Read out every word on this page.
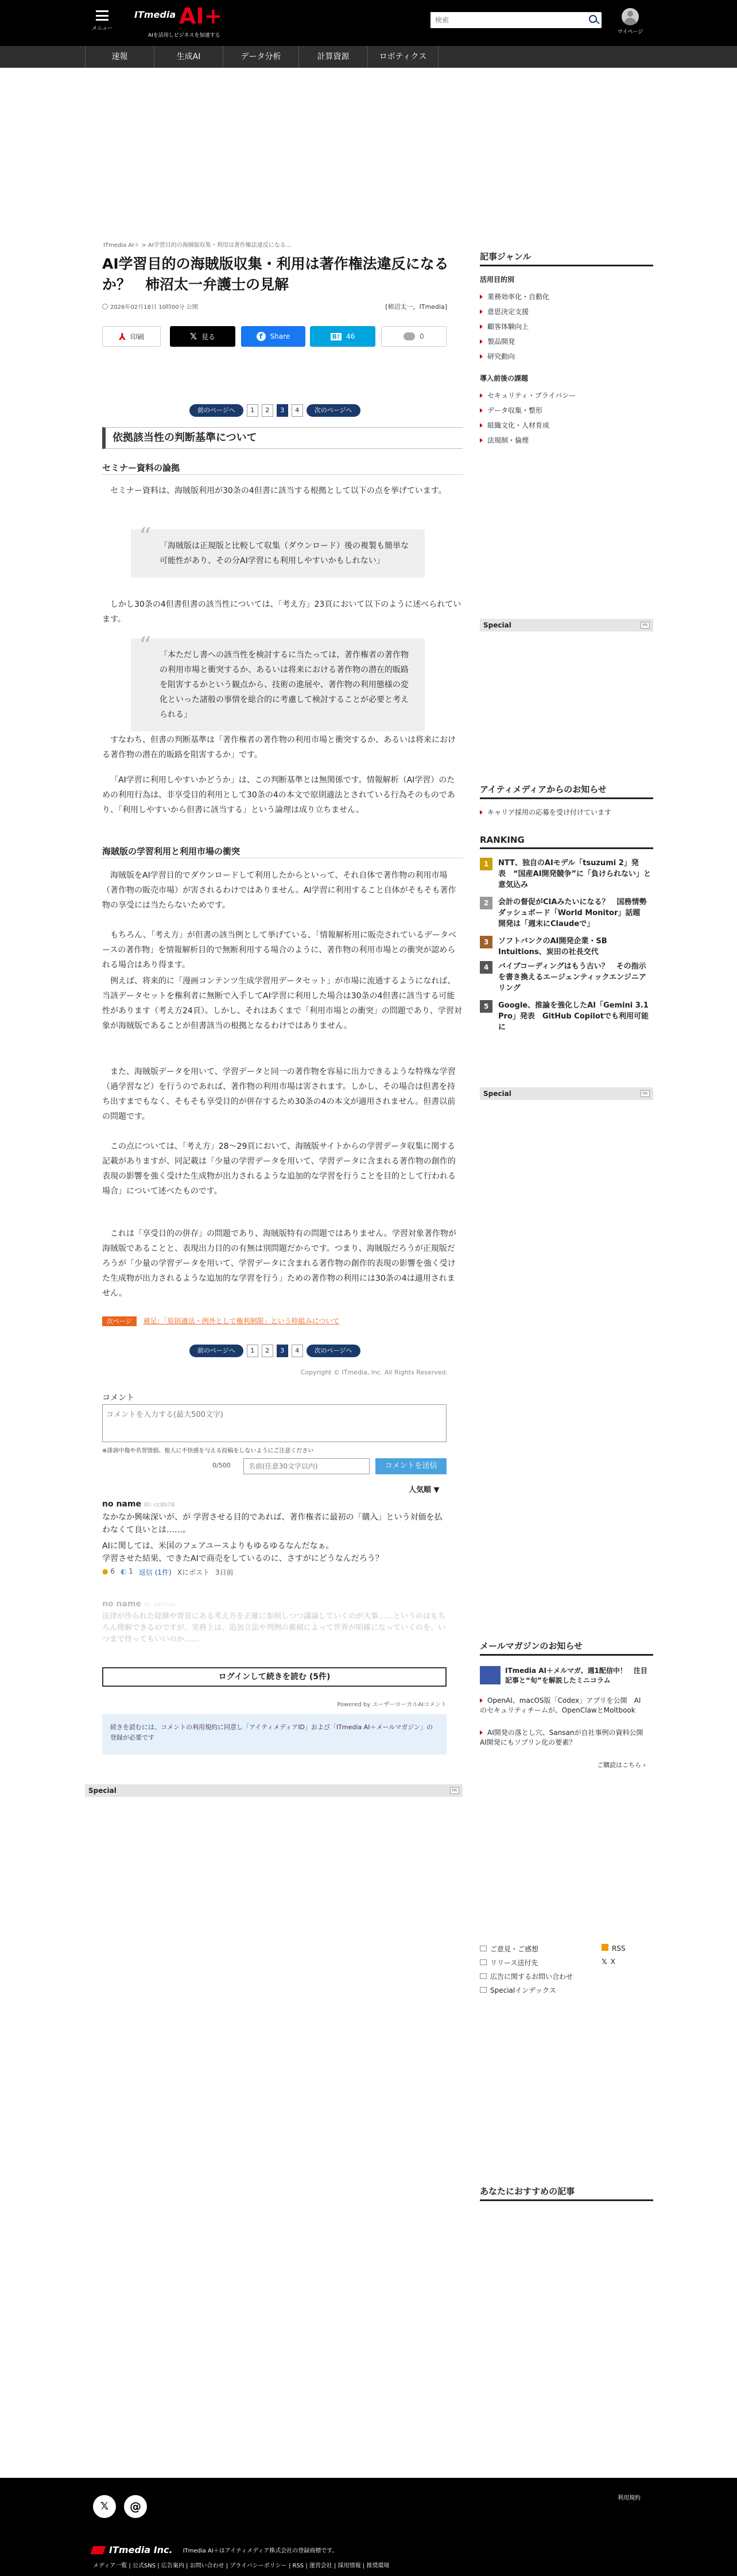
メニュー
ITmedia AI+
AIを活用しビジネスを加速する
検索
マイページ
速報	生成AI	データ分析	計算資源	ロボティクス
ITmedia AI＋ > AI学習目的の海賊版収集・利用は著作権法違反になる…
AI学習目的の海賊版収集・利用は著作権法違反になる
か？　柿沼太一弁護士の見解
2026年02月18日 10時00分 公開	[柿沼太一，ITmedia]
⅄ 印刷	𝕏 見る	f	Share	B! 46	0
前のページへ	1	2	3	4	次のページへ
依拠該当性の判断基準について
セミナー資料の論拠

セミナー資料は、海賊版利用が30条の4但書に該当する根拠として以下の点を挙げています。

“ 「海賊版は正規版と比較して収集（ダウンロード）後の複製も簡単な可能性があり、その分AI学習にも利用しやすいかもしれない」

しかし30条の4但書但書の該当性については、「考え方」23頁において以下のように述べられています。

“ 「本ただし書への該当性を検討するに当たっては、著作権者の著作物の利用市場と衝突するか、あるいは将来における著作物の潜在的販路を阻害するかという観点から、技術の進展や、著作物の利用態様の変化といった諸般の事情を総合的に考慮して検討することが必要と考えられる」

すなわち、但書の判断基準は「著作権者の著作物の利用市場と衝突するか、あるいは将来における著作物の潜在的販路を阻害するか」です。

「AI学習に利用しやすいかどうか」は、この判断基準とは無関係です。情報解析（AI学習）のための利用行為は、非享受目的利用として30条の4の本文で原則適法とされている行為そのものであり、「利用しやすいから但書に該当する」という論理は成り立ちません。

海賊版の学習利用と利用市場の衝突

海賊版をAI学習目的でダウンロードして利用したからといって、それ自体で著作物の利用市場（著作物の販売市場）が害されるわけではありません。AI学習に利用すること自体がそもそも著作物の享受には当たらないためです。

もちろん、「考え方」が但書の該当例として挙げている、「情報解析用に販売されているデータベースの著作物」を情報解析目的で無断利用する場合のように、著作物の利用市場との衝突が認められる場合はあり得ます。

例えば、将来的に「漫画コンテンツ生成学習用データセット」が市場に流通するようになれば、当該データセットを権利者に無断で入手してAI学習に利用した場合は30条の4但書に該当する可能性があります（考え方24頁）。しかし、それはあくまで「利用市場との衝突」の問題であり、学習対象が海賊版であることが但書該当の根拠となるわけではありません。

また、海賊版データを用いて、学習データと同一の著作物を容易に出力できるような特殊な学習（過学習など）を行うのであれば、著作物の利用市場は害されます。しかし、その場合は但書を持ち出すまでもなく、そもそも享受目的が併存するため30条の4の本文が適用されません。但書以前の問題です。

この点については、「考え方」28〜29頁において、海賊版サイトからの学習データ収集に関する記載がありますが、同記載は「少量の学習データを用いて、学習データに含まれる著作物の創作的表現の影響を強く受けた生成物が出力されるような追加的な学習を行うことを目的として行われる場合」について述べたものです。

これは「享受目的の併存」の問題であり、海賊版特有の問題ではありません。学習対象著作物が海賊版であることと、表現出力目的の有無は別問題だからです。つまり、海賊版だろうが正規版だろうが「少量の学習データを用いて、学習データに含まれる著作物の創作的表現の影響を強く受けた生成物が出力されるような追加的な学習を行う」ための著作物の利用には30条の4は適用されません。

次ページ 補足：「原則適法・例外として権利制限」という枠組みについて
前のページへ	1	2	3	4	次のページへ
Copyright © ITmedia, Inc. All Rights Reserved.
コメント
コメントを入力する(最大500文字)
※誹謗中傷や名誉毀損、他人に不快感を与える投稿をしないようにご注意ください
0/500
名前(任意30文字以内)	コメントを送信
人気順 ▼
no name ID: cc8b78
なかなか興味深いが、が 学習させる目的であれば、著作権者に最初の「購入」という対価を払わなくて良いとは……。
AIに関しては、米国のフェアユースよりもゆるゆるなんだなぁ。
学習させた結果、できたAIで商売をしているのに、さすがにどうなんだろう？
● 6 ◐ 1 返信 (1件) Xにポスト 3日前
no name ID: a8b7da
法律が作られた経緯や背景にある考え方を正確に参照しつつ議論していくのが大事……というのはもちろん理解できるのですが、実務上は、追加立法や判例の蓄積によって世界が明確になっていくのを、いつまで待ってもいいのか……
ログインして続きを読む (5件)
Powered by ユーザーローカルAIコメント
続きを読むには、コメントの利用規約に同意し「アイティメディアID」および「ITmedia AI＋メールマガジン」の登録が必要です
Special	PR
記事ジャンル
活用目的別
業務効率化・自動化
意思決定支援
顧客体験向上
製品開発
研究動向
導入前後の課題
セキュリティ・プライバシー
データ収集・整形
組織文化・人材育成
法規制・倫理
Special	PR
アイティメディアからのお知らせ
キャリア採用の応募を受け付けています
RANKING
1	NTT、独自のAIモデル「tsuzumi 2」発表　“国産AI開発競争”に「負けられない」と意気込み
2	会計の督促がCIAみたいになる？　国務情勢ダッシュボード「World Monitor」話題　開発は「週末にClaudeで」
3	ソフトバンクのAI開発企業・SB Intuitions、炭田の社長交代
4	バイブコーディングはもう古い？　その指示を書き換えるエージェンティックエンジニアリング
5	Google、推論を強化したAI「Gemini 3.1 Pro」発表　GitHub Copilotでも利用可能に
Special	PR
メールマガジンのお知らせ
ITmedia AI＋メルマガ、週1配信中！　注目記事と“旬”を解説したミニコラム
OpenAI、macOS版「Codex」アプリを公開　AIのセキュリティチームが、OpenClawとMoltbook
AI開発の落とし穴、Sansanが自社事例の資料公開　AI開発にもソブリン化の要素？
ご購読はこちら ›
ご意見・ご感想	RSS
リリース送付先	𝕏 X
広告に関するお問い合わせ
Specialインデックス
あなたにおすすめの記事
𝕏	@
利用規約
ITmedia Inc. ITmedia AI＋はアイティメディア株式会社の登録商標です。
メディア一覧 | 公式SNS | 広告案内 | お問い合わせ | プライバシーポリシー | RSS | 運営会社 | 採用情報 | 推奨環境
